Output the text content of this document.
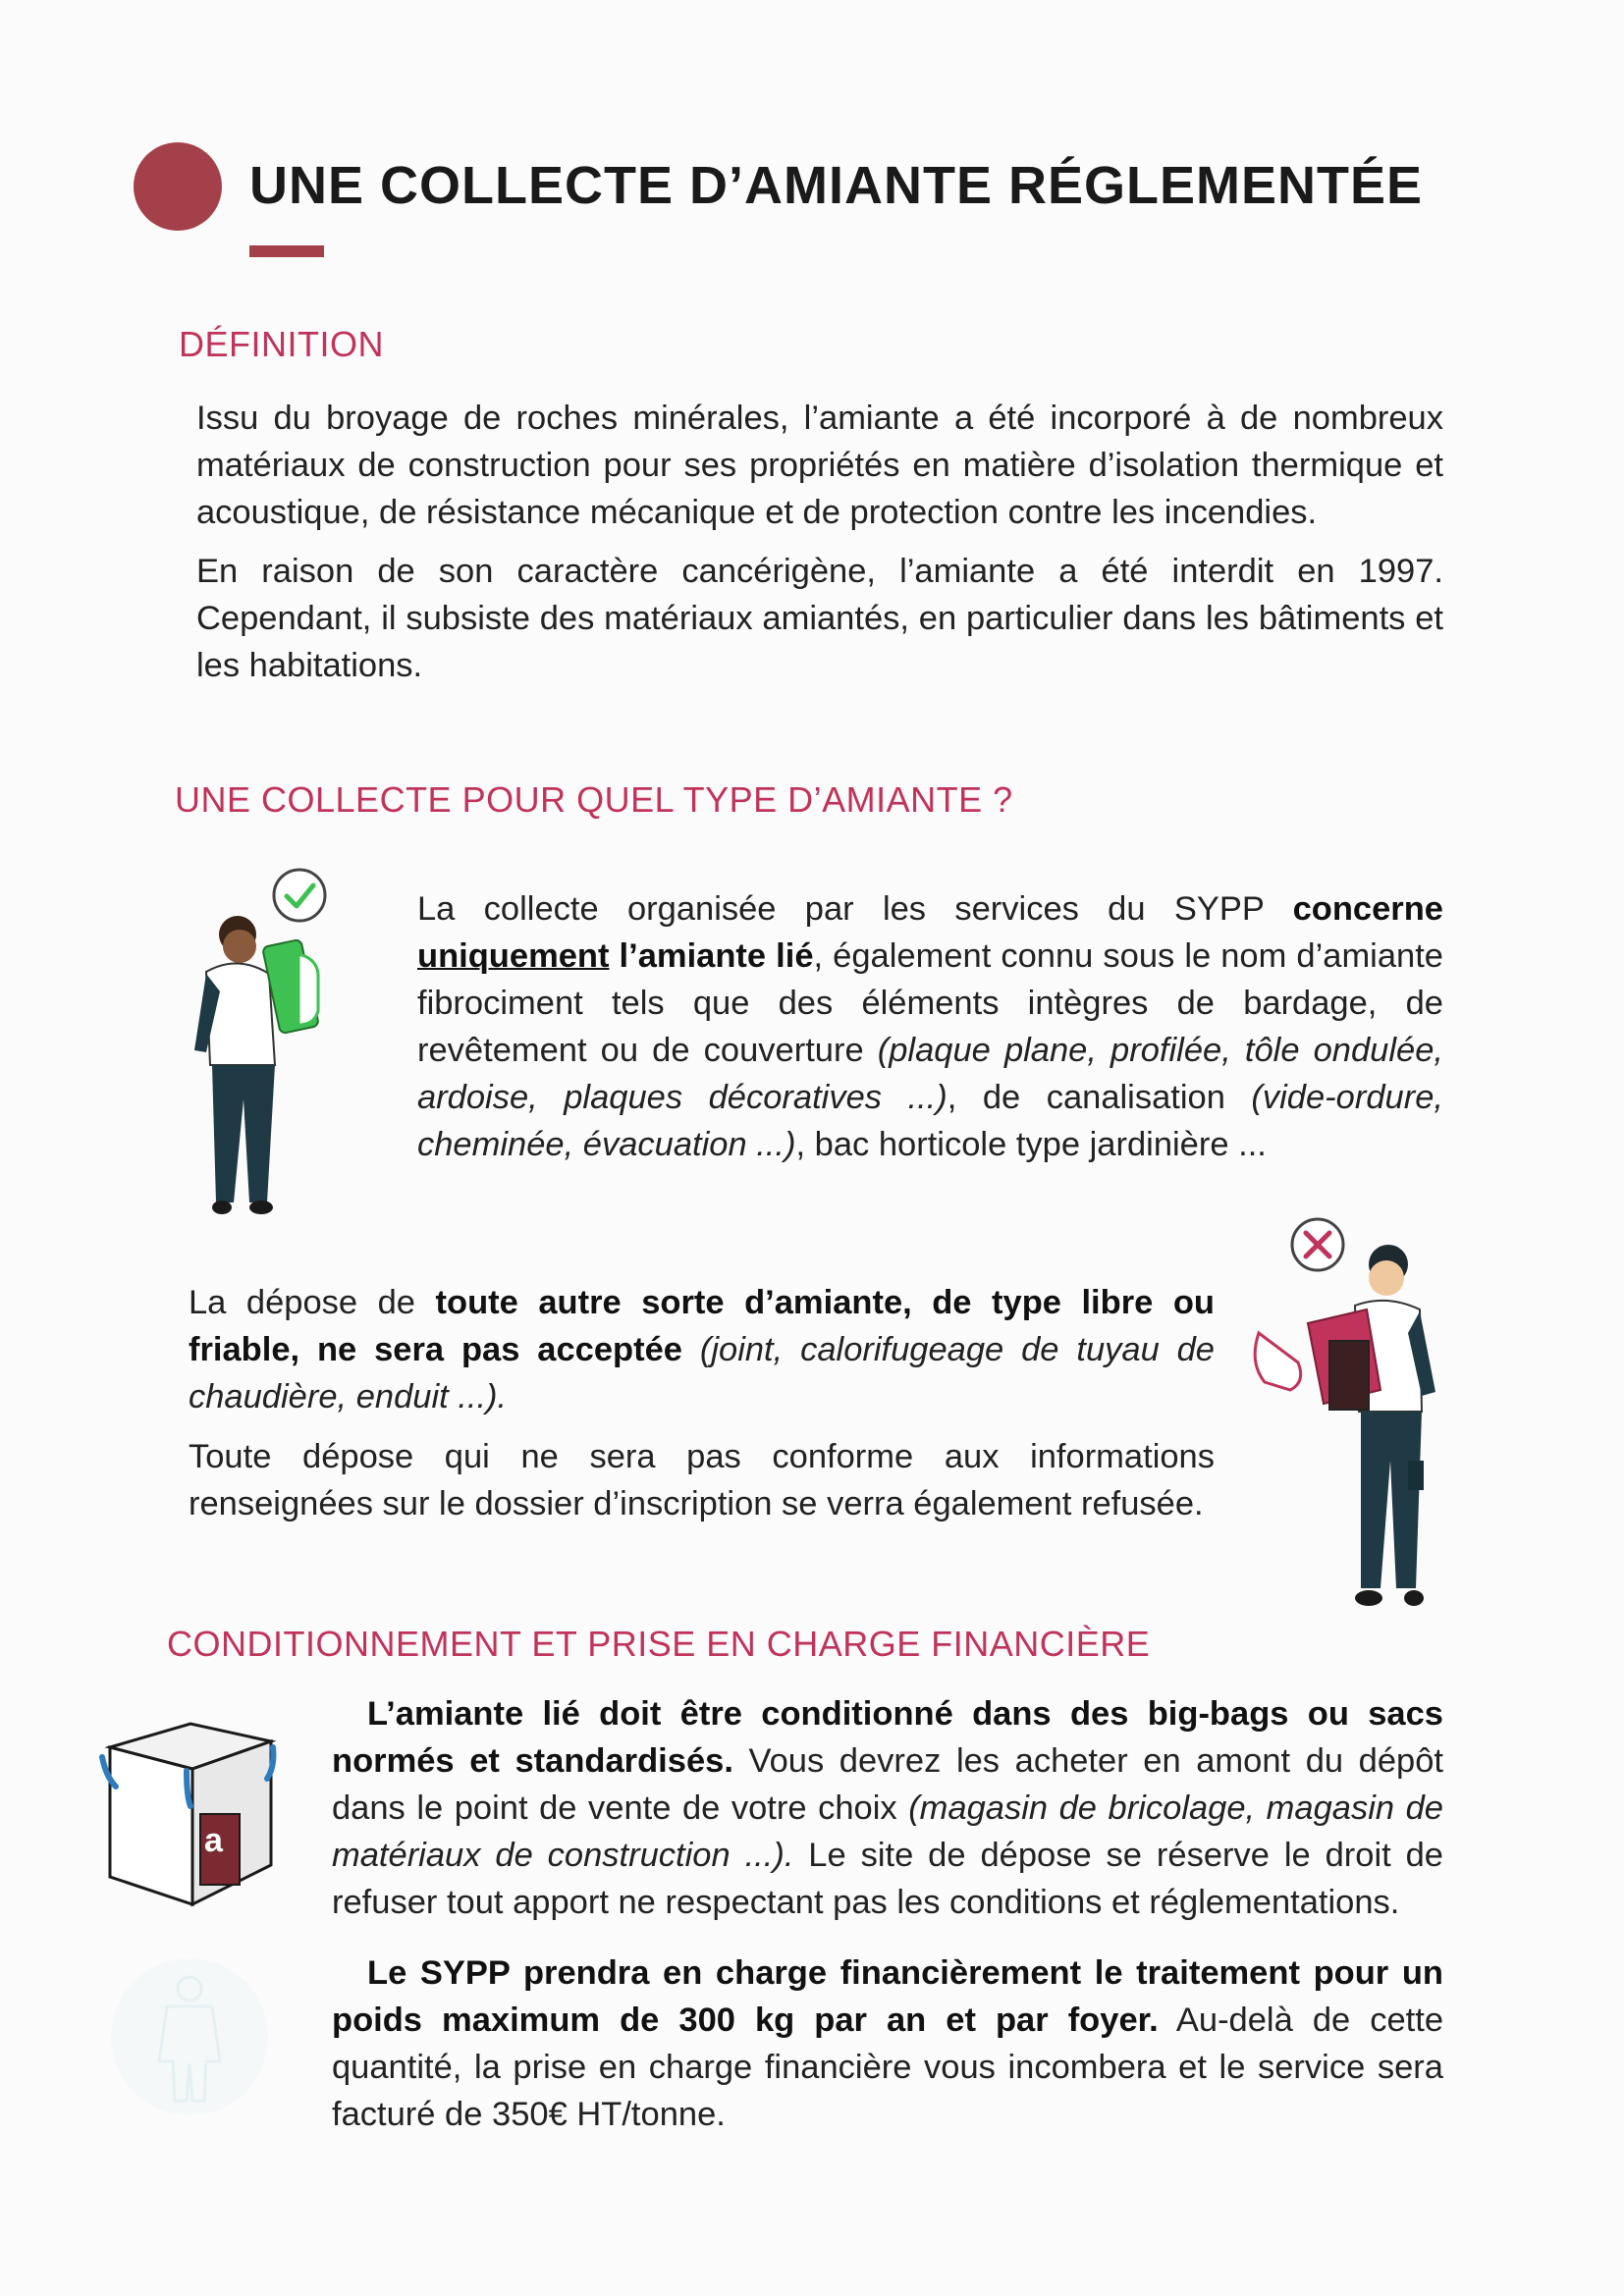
UNE COLLECTE D’AMIANTE RÉGLEMENTÉE
DÉFINITION

Issu du broyage de roches minérales, l’amiante a été incorporé à de nombreux matériaux de construction pour ses propriétés en matière d’isolation thermique et acoustique, de résistance mécanique et de protection contre les incendies.

En raison de son caractère cancérigène, l’amiante a été interdit en 1997. Cependant, il subsiste des matériaux amiantés, en particulier dans les bâtiments et les habitations.

UNE COLLECTE POUR QUEL TYPE D’AMIANTE ?

La collecte organisée par les services du SYPP concerne uniquement l’amiante lié, également connu sous le nom d’amiante fibrociment tels que des éléments intègres de bardage, de revêtement ou de couverture (plaque plane, profilée, tôle ondulée, ardoise, plaques décoratives ...), de canalisation (vide-ordure, cheminée, évacuation ...), bac horticole type jardinière ...

La dépose de toute autre sorte d’amiante, de type libre ou friable, ne sera pas acceptée (joint, calorifugeage de tuyau de chaudière, enduit ...).

Toute dépose qui ne sera pas conforme aux informations renseignées sur le dossier d’inscription se verra également refusée.

CONDITIONNEMENT ET PRISE EN CHARGE FINANCIÈRE
a

L’amiante lié doit être conditionné dans des big-bags ou sacs normés et standardisés. Vous devrez les acheter en amont du dépôt dans le point de vente de votre choix (magasin de bricolage, magasin de matériaux de construction ...). Le site de dépose se réserve le droit de refuser tout apport ne respectant pas les conditions et réglementations.

Le SYPP prendra en charge financièrement le traitement pour un poids maximum de 300 kg par an et par foyer. Au-delà de cette quantité, la prise en charge financière vous incombera et le service sera facturé de 350€ HT/tonne.
